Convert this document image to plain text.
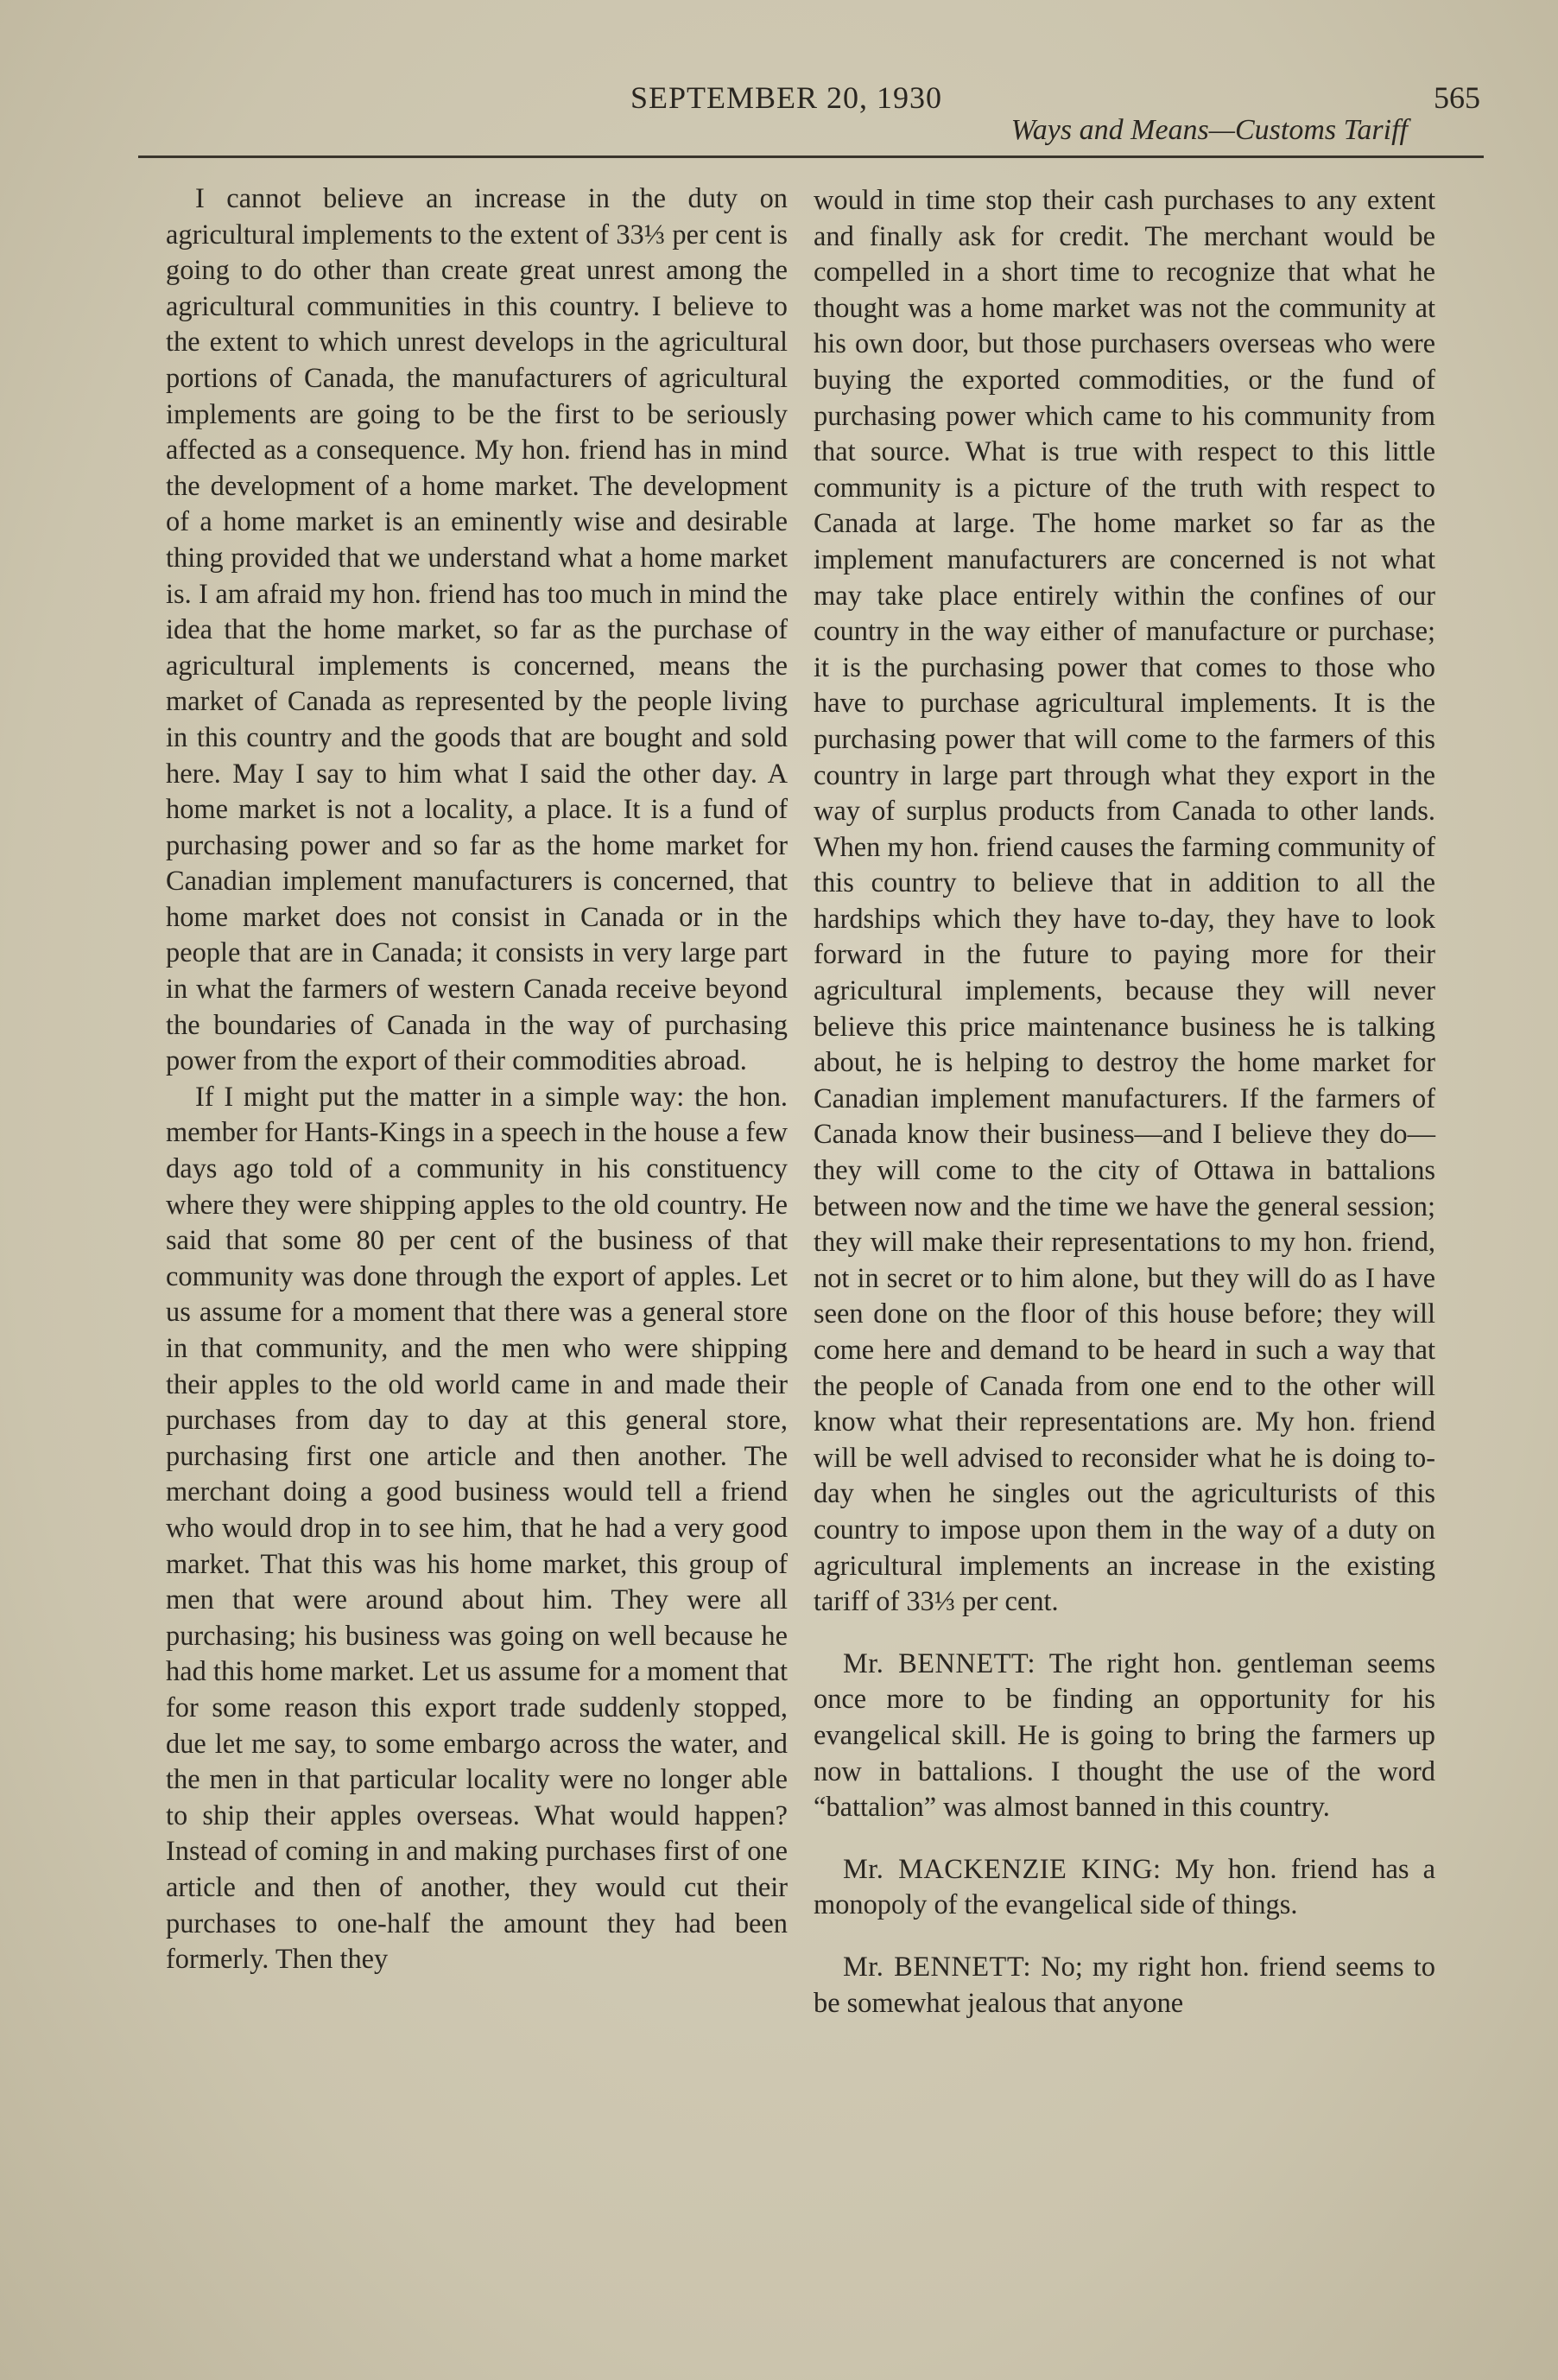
SEPTEMBER 20, 1930	565
Ways and Means—Customs Tariff

I cannot believe an increase in the duty on agricultural implements to the extent of 33⅓ per cent is going to do other than create great unrest among the agricultural communities in this country. I believe to the extent to which unrest develops in the agricultural portions of Canada, the manufacturers of agricultural implements are going to be the first to be seriously affected as a consequence. My hon. friend has in mind the development of a home market. The development of a home market is an eminently wise and desirable thing provided that we understand what a home market is. I am afraid my hon. friend has too much in mind the idea that the home market, so far as the purchase of agricultural implements is concerned, means the market of Canada as represented by the people living in this country and the goods that are bought and sold here. May I say to him what I said the other day. A home market is not a locality, a place. It is a fund of purchasing power and so far as the home market for Canadian implement manufacturers is concerned, that home market does not consist in Canada or in the people that are in Canada; it consists in very large part in what the farmers of western Canada receive beyond the boundaries of Canada in the way of purchasing power from the export of their commodities abroad.

If I might put the matter in a simple way: the hon. member for Hants-Kings in a speech in the house a few days ago told of a community in his constituency where they were shipping apples to the old country. He said that some 80 per cent of the business of that community was done through the export of apples. Let us assume for a moment that there was a general store in that community, and the men who were shipping their apples to the old world came in and made their purchases from day to day at this general store, purchasing first one article and then another. The merchant doing a good business would tell a friend who would drop in to see him, that he had a very good market. That this was his home market, this group of men that were around about him. They were all purchasing; his business was going on well because he had this home market. Let us assume for a moment that for some reason this export trade suddenly stopped, due let me say, to some embargo across the water, and the men in that particular locality were no longer able to ship their apples overseas. What would happen? Instead of coming in and making purchases first of one article and then of another, they would cut their purchases to one-half the amount they had been formerly. Then they

would in time stop their cash purchases to any extent and finally ask for credit. The merchant would be compelled in a short time to recognize that what he thought was a home market was not the community at his own door, but those purchasers overseas who were buying the exported commodities, or the fund of purchasing power which came to his community from that source. What is true with respect to this little community is a picture of the truth with respect to Canada at large. The home market so far as the implement manufacturers are concerned is not what may take place entirely within the confines of our country in the way either of manufacture or purchase; it is the purchasing power that comes to those who have to purchase agricultural implements. It is the purchasing power that will come to the farmers of this country in large part through what they export in the way of surplus products from Canada to other lands. When my hon. friend causes the farming community of this country to believe that in addition to all the hardships which they have to-day, they have to look forward in the future to paying more for their agricultural implements, because they will never believe this price maintenance business he is talking about, he is helping to destroy the home market for Canadian implement manufacturers. If the farmers of Canada know their business—and I believe they do—they will come to the city of Ottawa in battalions between now and the time we have the general session; they will make their representations to my hon. friend, not in secret or to him alone, but they will do as I have seen done on the floor of this house before; they will come here and demand to be heard in such a way that the people of Canada from one end to the other will know what their representations are. My hon. friend will be well advised to reconsider what he is doing to-day when he singles out the agriculturists of this country to impose upon them in the way of a duty on agricultural implements an increase in the existing tariff of 33⅓ per cent.

Mr. BENNETT: The right hon. gentleman seems once more to be finding an opportunity for his evangelical skill. He is going to bring the farmers up now in battalions. I thought the use of the word “battalion” was almost banned in this country.

Mr. MACKENZIE KING: My hon. friend has a monopoly of the evangelical side of things.

Mr. BENNETT: No; my right hon. friend seems to be somewhat jealous that anyone
